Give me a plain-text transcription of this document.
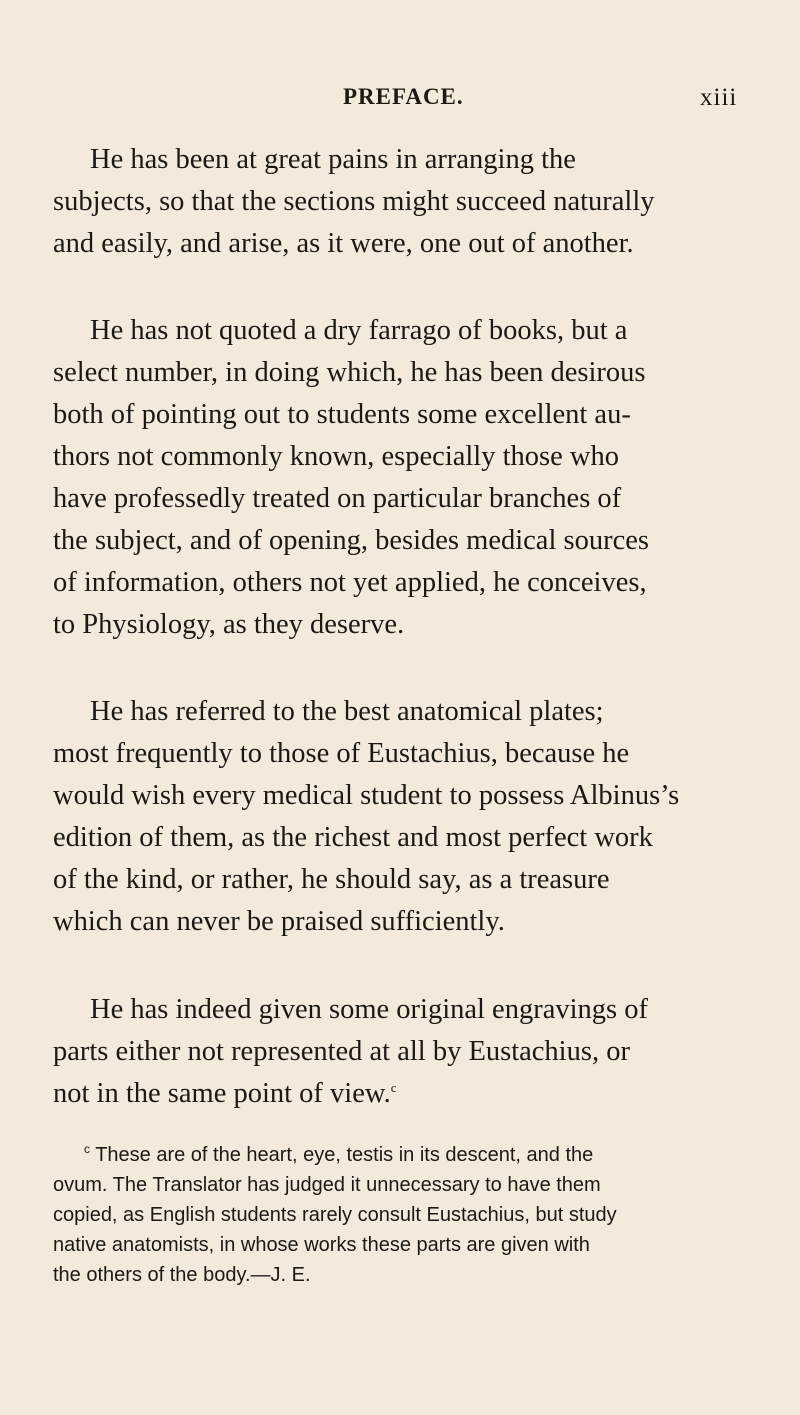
PREFACE.	xiii
He has been at great pains in arranging the
subjects, so that the sections might succeed naturally
and easily, and arise, as it were, one out of another.
He has not quoted a dry farrago of books, but a
select number, in doing which, he has been desirous
both of pointing out to students some excellent au-
thors not commonly known, especially those who
have professedly treated on particular branches of
the subject, and of opening, besides medical sources
of information, others not yet applied, he conceives,
to Physiology, as they deserve.
He has referred to the best anatomical plates;
most frequently to those of Eustachius, because he
would wish every medical student to possess Albinus’s
edition of them, as the richest and most perfect work
of the kind, or rather, he should say, as a treasure
which can never be praised sufficiently.
He has indeed given some original engravings of
parts either not represented at all by Eustachius, or
not in the same point of view.$^c$
$^c$ These are of the heart, eye, testis in its descent, and the
ovum. The Translator has judged it unnecessary to have them
copied, as English students rarely consult Eustachius, but study
native anatomists, in whose works these parts are given with
the others of the body.—J. E.
